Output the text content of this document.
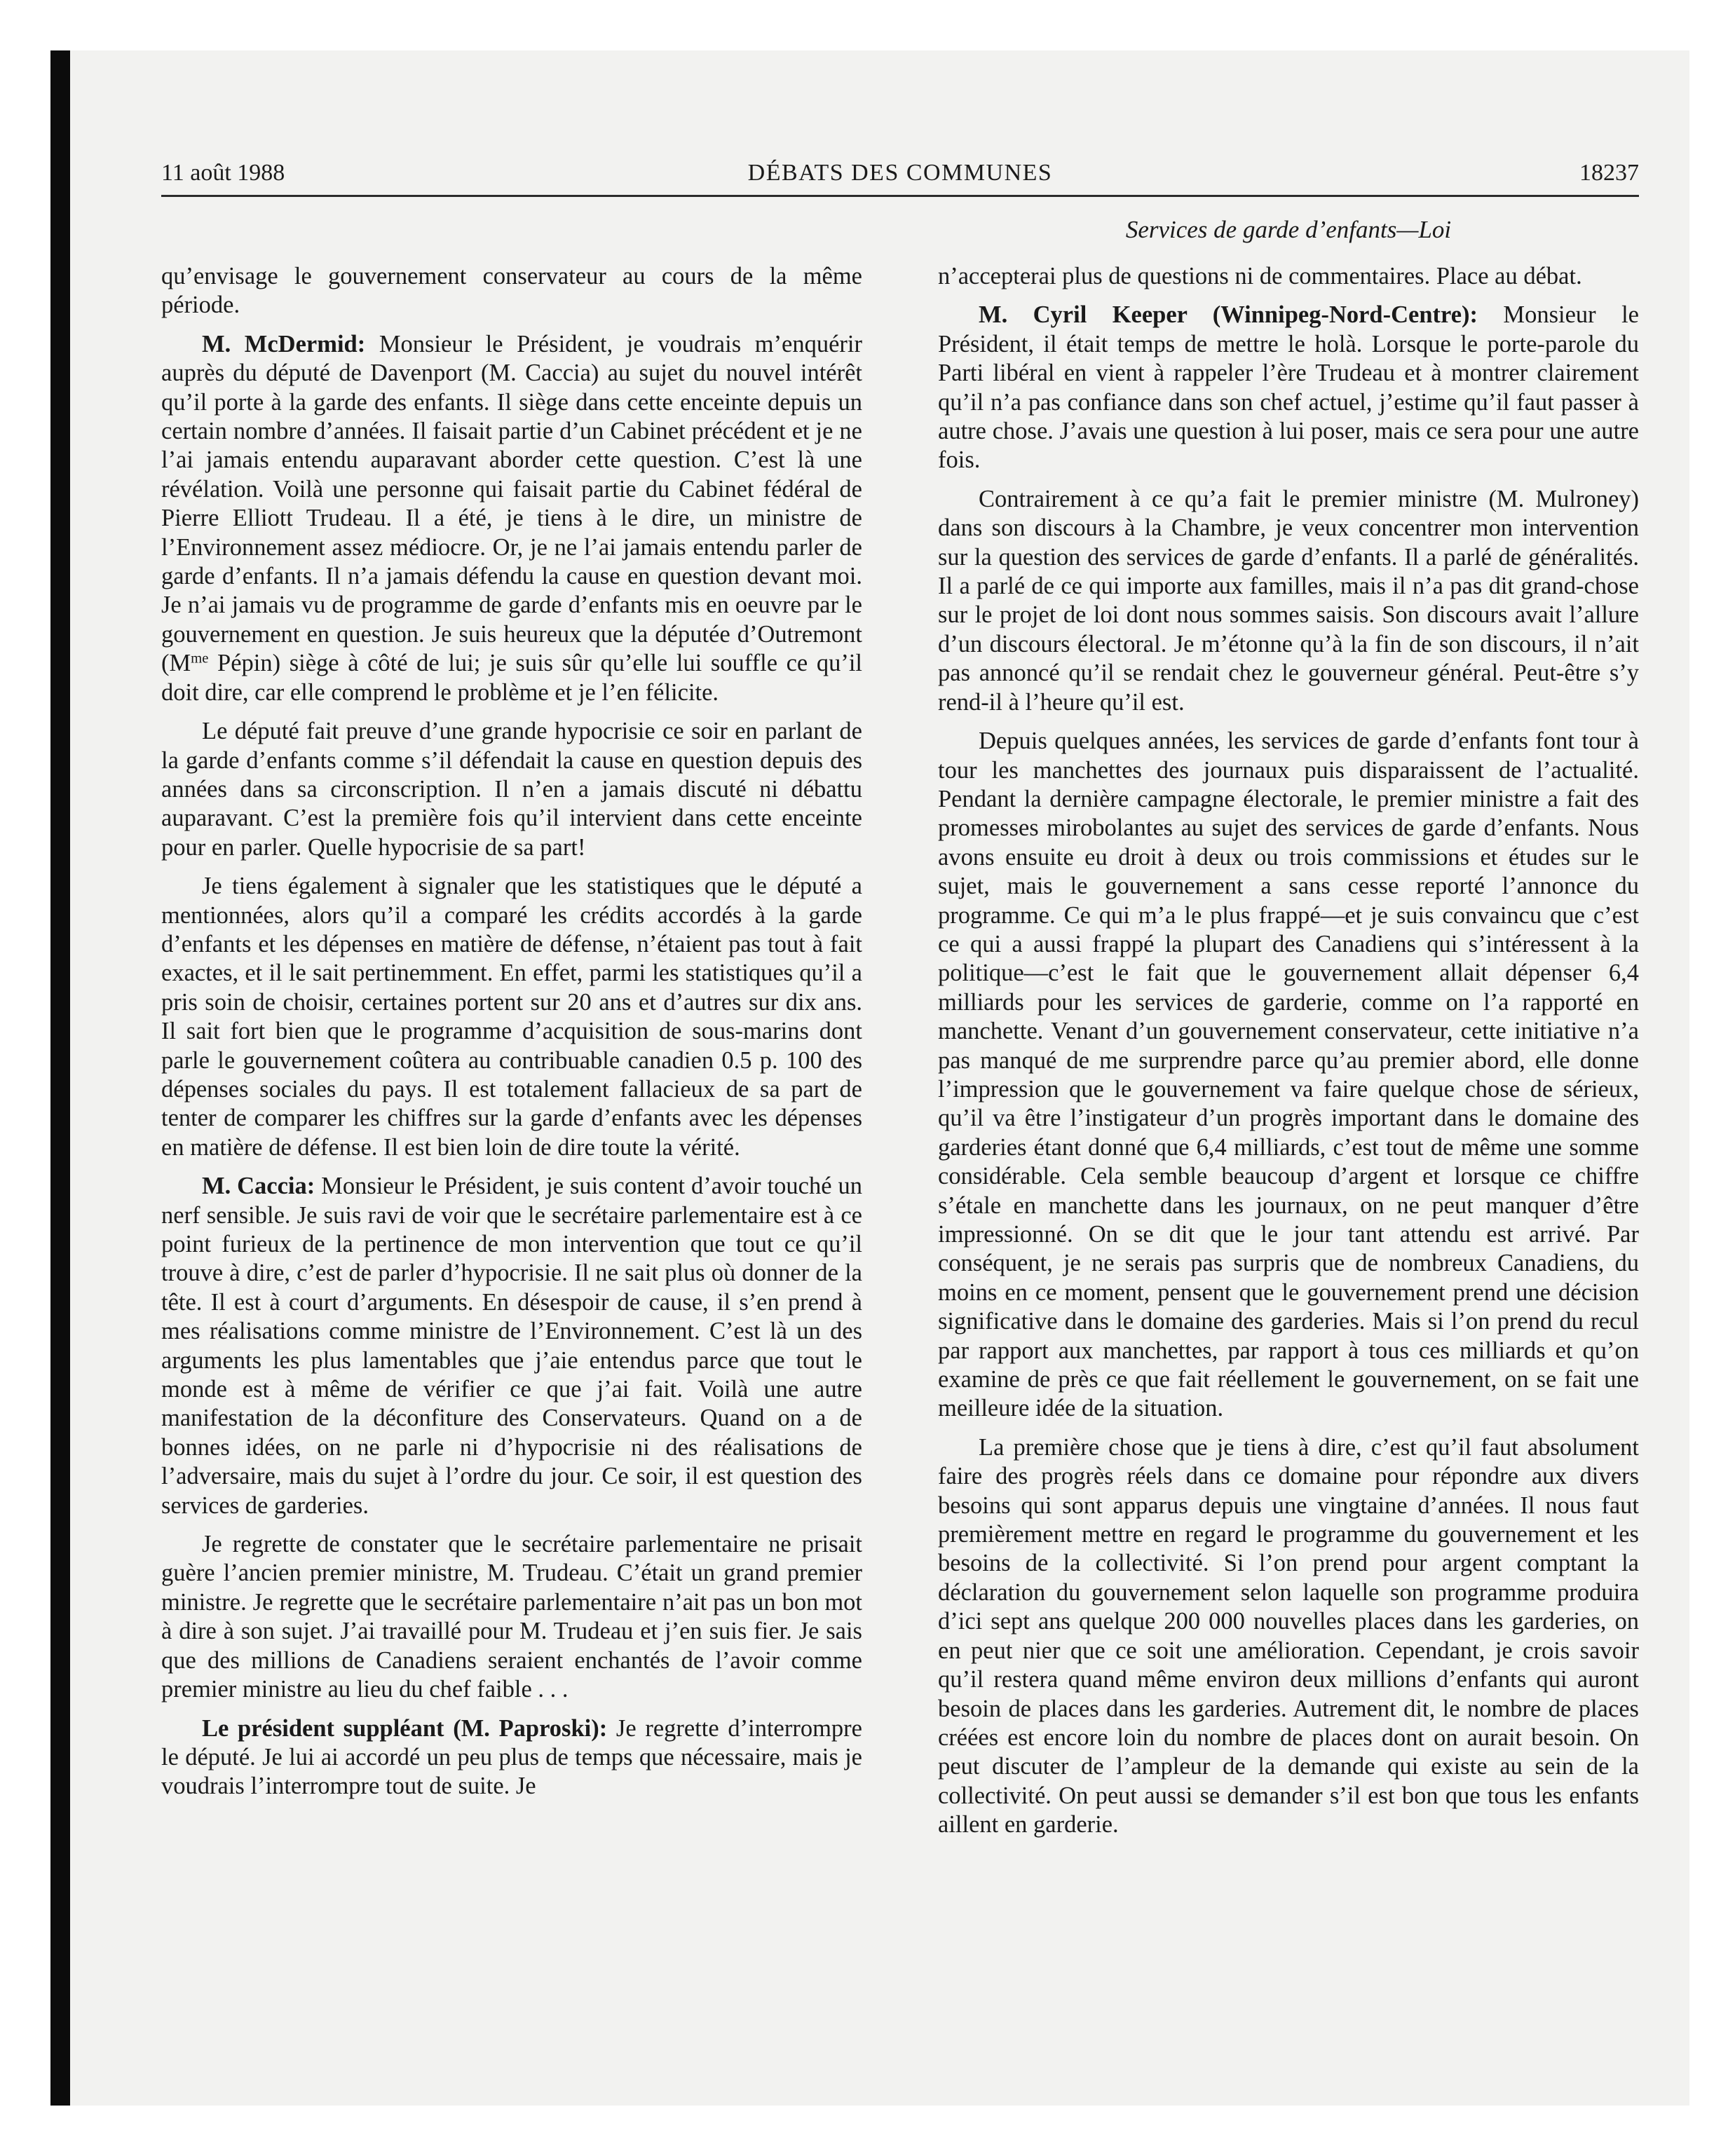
11 août 1988	DÉBATS DES COMMUNES	18237
Services de garde d’enfants—Loi

qu’envisage le gouvernement conservateur au cours de la même période.

M. McDermid: Monsieur le Président, je voudrais m’enquérir auprès du député de Davenport (M. Caccia) au sujet du nouvel intérêt qu’il porte à la garde des enfants. Il siège dans cette enceinte depuis un certain nombre d’années. Il faisait partie d’un Cabinet précédent et je ne l’ai jamais entendu auparavant aborder cette question. C’est là une révélation. Voilà une personne qui faisait partie du Cabinet fédéral de Pierre Elliott Trudeau. Il a été, je tiens à le dire, un ministre de l’Environnement assez médiocre. Or, je ne l’ai jamais entendu parler de garde d’enfants. Il n’a jamais défendu la cause en question devant moi. Je n’ai jamais vu de programme de garde d’enfants mis en oeuvre par le gouvernement en question. Je suis heureux que la députée d’Outremont ($M^{me}$ Pépin) siège à côté de lui; je suis sûr qu’elle lui souffle ce qu’il doit dire, car elle comprend le problème et je l’en félicite.

Le député fait preuve d’une grande hypocrisie ce soir en parlant de la garde d’enfants comme s’il défendait la cause en question depuis des années dans sa circonscription. Il n’en a jamais discuté ni débattu auparavant. C’est la première fois qu’il intervient dans cette enceinte pour en parler. Quelle hypocrisie de sa part!

Je tiens également à signaler que les statistiques que le député a mentionnées, alors qu’il a comparé les crédits accordés à la garde d’enfants et les dépenses en matière de défense, n’étaient pas tout à fait exactes, et il le sait pertinemment. En effet, parmi les statistiques qu’il a pris soin de choisir, certaines portent sur 20 ans et d’autres sur dix ans. Il sait fort bien que le programme d’acquisition de sous-marins dont parle le gouvernement coûtera au contribuable canadien 0.5 p. 100 des dépenses sociales du pays. Il est totalement fallacieux de sa part de tenter de comparer les chiffres sur la garde d’enfants avec les dépenses en matière de défense. Il est bien loin de dire toute la vérité.

M. Caccia: Monsieur le Président, je suis content d’avoir touché un nerf sensible. Je suis ravi de voir que le secrétaire parlementaire est à ce point furieux de la pertinence de mon intervention que tout ce qu’il trouve à dire, c’est de parler d’hypocrisie. Il ne sait plus où donner de la tête. Il est à court d’arguments. En désespoir de cause, il s’en prend à mes réalisations comme ministre de l’Environnement. C’est là un des arguments les plus lamentables que j’aie entendus parce que tout le monde est à même de vérifier ce que j’ai fait. Voilà une autre manifestation de la déconfiture des Conservateurs. Quand on a de bonnes idées, on ne parle ni d’hypocrisie ni des réalisations de l’adversaire, mais du sujet à l’ordre du jour. Ce soir, il est question des services de garderies.

Je regrette de constater que le secrétaire parlementaire ne prisait guère l’ancien premier ministre, M. Trudeau. C’était un grand premier ministre. Je regrette que le secrétaire parlementaire n’ait pas un bon mot à dire à son sujet. J’ai travaillé pour M. Trudeau et j’en suis fier. Je sais que des millions de Canadiens seraient enchantés de l’avoir comme premier ministre au lieu du chef faible . . .

Le président suppléant (M. Paproski): Je regrette d’interrompre le député. Je lui ai accordé un peu plus de temps que nécessaire, mais je voudrais l’interrompre tout de suite. Je

n’accepterai plus de questions ni de commentaires. Place au débat.

M. Cyril Keeper (Winnipeg-Nord-Centre): Monsieur le Président, il était temps de mettre le holà. Lorsque le porte-parole du Parti libéral en vient à rappeler l’ère Trudeau et à montrer clairement qu’il n’a pas confiance dans son chef actuel, j’estime qu’il faut passer à autre chose. J’avais une question à lui poser, mais ce sera pour une autre fois.

Contrairement à ce qu’a fait le premier ministre (M. Mulroney) dans son discours à la Chambre, je veux concentrer mon intervention sur la question des services de garde d’enfants. Il a parlé de généralités. Il a parlé de ce qui importe aux familles, mais il n’a pas dit grand-chose sur le projet de loi dont nous sommes saisis. Son discours avait l’allure d’un discours électoral. Je m’étonne qu’à la fin de son discours, il n’ait pas annoncé qu’il se rendait chez le gouverneur général. Peut-être s’y rend-il à l’heure qu’il est.

Depuis quelques années, les services de garde d’enfants font tour à tour les manchettes des journaux puis disparaissent de l’actualité. Pendant la dernière campagne électorale, le premier ministre a fait des promesses mirobolantes au sujet des services de garde d’enfants. Nous avons ensuite eu droit à deux ou trois commissions et études sur le sujet, mais le gouvernement a sans cesse reporté l’annonce du programme. Ce qui m’a le plus frappé—et je suis convaincu que c’est ce qui a aussi frappé la plupart des Canadiens qui s’intéressent à la politique—c’est le fait que le gouvernement allait dépenser 6,4 milliards pour les services de garderie, comme on l’a rapporté en manchette. Venant d’un gouvernement conservateur, cette initiative n’a pas manqué de me surprendre parce qu’au premier abord, elle donne l’impression que le gouvernement va faire quelque chose de sérieux, qu’il va être l’instigateur d’un progrès important dans le domaine des garderies étant donné que 6,4 milliards, c’est tout de même une somme considérable. Cela semble beaucoup d’argent et lorsque ce chiffre s’étale en manchette dans les journaux, on ne peut manquer d’être impressionné. On se dit que le jour tant attendu est arrivé. Par conséquent, je ne serais pas surpris que de nombreux Canadiens, du moins en ce moment, pensent que le gouvernement prend une décision significative dans le domaine des garderies. Mais si l’on prend du recul par rapport aux manchettes, par rapport à tous ces milliards et qu’on examine de près ce que fait réellement le gouvernement, on se fait une meilleure idée de la situation.

La première chose que je tiens à dire, c’est qu’il faut absolument faire des progrès réels dans ce domaine pour répondre aux divers besoins qui sont apparus depuis une vingtaine d’années. Il nous faut premièrement mettre en regard le programme du gouvernement et les besoins de la collectivité. Si l’on prend pour argent comptant la déclaration du gouvernement selon laquelle son programme produira d’ici sept ans quelque 200 000 nouvelles places dans les garderies, on en peut nier que ce soit une amélioration. Cependant, je crois savoir qu’il restera quand même environ deux millions d’enfants qui auront besoin de places dans les garderies. Autrement dit, le nombre de places créées est encore loin du nombre de places dont on aurait besoin. On peut discuter de l’ampleur de la demande qui existe au sein de la collectivité. On peut aussi se demander s’il est bon que tous les enfants aillent en garderie.
